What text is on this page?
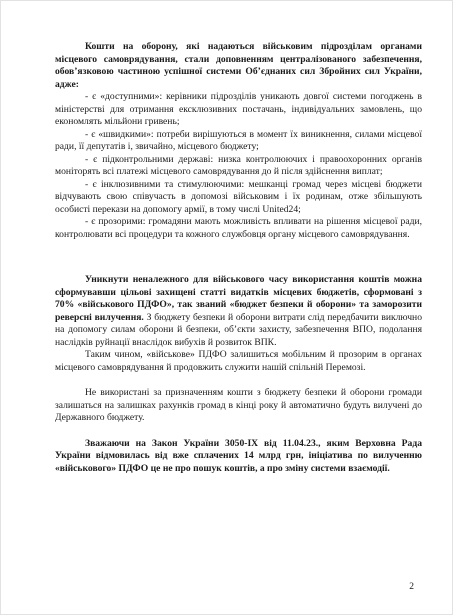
Кошти на оборону, які надаються військовим підрозділам органами місцевого самоврядування, стали доповненням централізованого забезпечення, обов’язковою частиною успішної системи Об’єднаних сил Збройних сил України, адже:

- є «доступними»: керівники підрозділів уникають довгої системи погоджень в міністерстві для отримання ексклюзивних постачань, індивідуальних замовлень, що економлять мільйони гривень;

- є «швидкими»: потреби вирішуються в момент їх виникнення, силами місцевої ради, її депутатів і, звичайно, місцевого бюджету;

- є підконтрольними державі: низка контролюючих і правоохоронних органів моніторять всі платежі місцевого самоврядування до й після здійснення виплат;

- є інклюзивними та стимулюючими: мешканці громад через місцеві бюджети відчувають свою співучасть в допомозі військовим і їх родинам, отже збільшують особисті перекази на допомогу армії, в тому числі United24;

- є прозорими: громадяни мають можливість впливати на рішення місцевої ради, контролювати всі процедури та кожного службовця органу місцевого самоврядування.

Уникнути неналежного для військового часу використання коштів можна сформувавши цільові захищені статті видатків місцевих бюджетів, сформовані з 70% «військового ПДФО», так званий «бюджет безпеки й оборони» та заморозити реверсні вилучення. З бюджету безпеки й оборони витрати слід передбачити виключно на допомогу силам оборони й безпеки, об’єкти захисту, забезпечення ВПО, подолання наслідків руйнації внаслідок вибухів й розвиток ВПК.

Таким чином, «військове» ПДФО залишиться мобільним й прозорим в органах місцевого самоврядування й продовжить служити нашій спільній Перемозі.

Не використані за призначенням кошти з бюджету безпеки й оборони громади залишаться на залишках рахунків громад в кінці року й автоматично будуть вилучені до Державного бюджету.

Зважаючи на Закон України 3050-IX від 11.04.23., яким Верховна Рада України відмовилась від вже сплачених 14 млрд грн, ініціатива по вилученню «військового» ПДФО це не про пошук коштів, а про зміну системи взаємодії.

2
